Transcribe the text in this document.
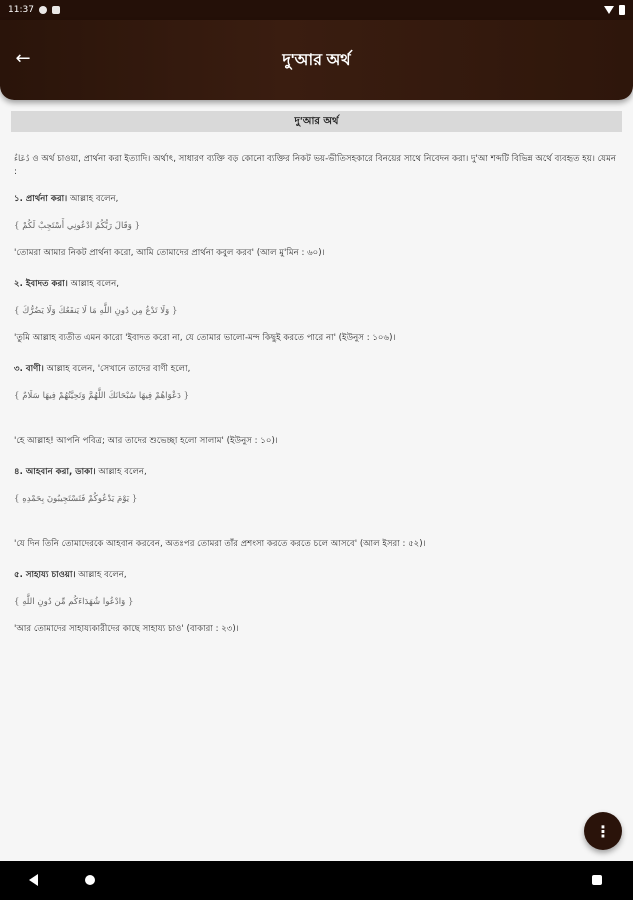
11:37
←	দু'আর অর্থ
দু'আর অর্থ

دُعَاءٌ ও অর্থ চাওয়া, প্রার্থনা করা ইত্যাদি। অর্থাৎ, সাধারণ ব্যক্তি বড় কোনো ব্যক্তির নিকট ভয়-ভীতিসহকারে বিনয়ের সাথে নিবেদন করা। দু'আ শব্দটি বিভিন্ন অর্থে ব্যবহৃত হয়। যেমন :

১. প্রার্থনা করা। আল্লাহ বলেন,

{ وَقَالَ رَبُّكُمُ ادْعُونِي أَسْتَجِبْ لَكُمْ }

'তোমরা আমার নিকট প্রার্থনা করো, আমি তোমাদের প্রার্থনা কবুল করব' (আল মু'মিন : ৬০)।

২. ইবাদত করা। আল্লাহ বলেন,

{ وَلَا تَدْعُ مِن دُونِ اللَّهِ مَا لَا يَنفَعُكَ وَلَا يَضُرُّكَ }

'তুমি আল্লাহ ব্যতীত এমন কারো 'ইবাদত করো না, যে তোমার ভালো-মন্দ কিছুই করতে পারে না' (ইউনুস : ১০৬)।

৩. বাণী। আল্লাহ বলেন, 'সেখানে তাদের বাণী হলো,

{ دَعْوَاهُمْ فِيهَا سُبْحَانَكَ اللَّهُمَّ وَتَحِيَّتُهُمْ فِيهَا سَلَامٌ }

'হে আল্লাহ! আপনি পবিত্র; আর তাদের শুভেচ্ছা হলো সালাম' (ইউনুস : ১০)।

৪. আহবান করা, ডাকা। আল্লাহ বলেন,

{ يَوْمَ يَدْعُوكُمْ فَتَسْتَجِيبُونَ بِحَمْدِهِ }

'যে দিন তিনি তোমাদেরকে আহবান করবেন, অতঃপর তোমরা তাঁর প্রশংসা করতে করতে চলে আসবে' (আল ইসরা : ৫২)।

৫. সাহায্য চাওয়া। আল্লাহ বলেন,

{ وَادْعُوا شُهَدَاءَكُم مِّن دُونِ اللَّهِ }

'আর তোমাদের সাহায্যকারীদের কাছে সাহায্য চাও' (বাকারা : ২৩)।

⋮
